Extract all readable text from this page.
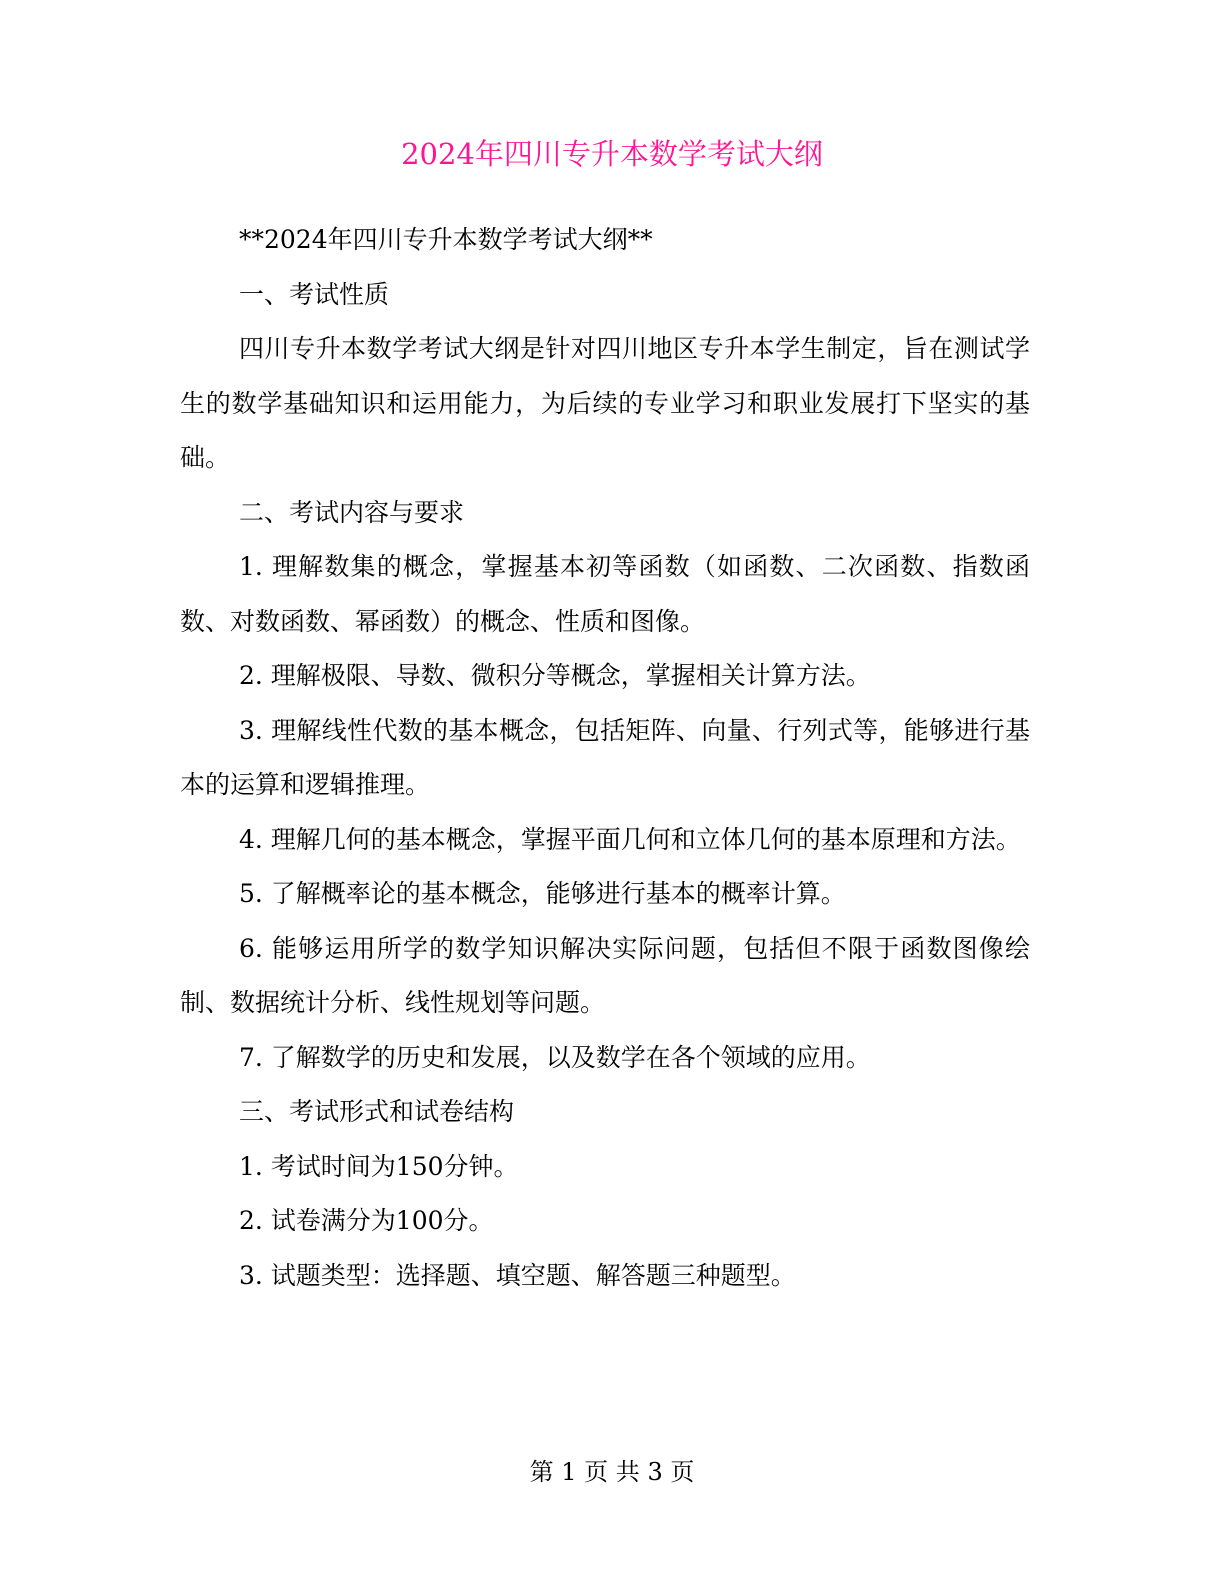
2024年四川专升本数学考试大纲

**2024年四川专升本数学考试大纲**

一、考试性质

四川专升本数学考试大纲是针对四川地区专升本学生制定，旨在测试学生的数学基础知识和运用能力，为后续的专业学习和职业发展打下坚实的基础。

二、考试内容与要求

1. 理解数集的概念，掌握基本初等函数（如函数、二次函数、指数函数、对数函数、幂函数）的概念、性质和图像。

2. 理解极限、导数、微积分等概念，掌握相关计算方法。

3. 理解线性代数的基本概念，包括矩阵、向量、行列式等，能够进行基本的运算和逻辑推理。

4. 理解几何的基本概念，掌握平面几何和立体几何的基本原理和方法。

5. 了解概率论的基本概念，能够进行基本的概率计算。

6. 能够运用所学的数学知识解决实际问题，包括但不限于函数图像绘制、数据统计分析、线性规划等问题。

7. 了解数学的历史和发展，以及数学在各个领域的应用。

三、考试形式和试卷结构

1. 考试时间为150分钟。

2. 试卷满分为100分。

3. 试题类型：选择题、填空题、解答题三种题型。

第 1 页 共 3 页
